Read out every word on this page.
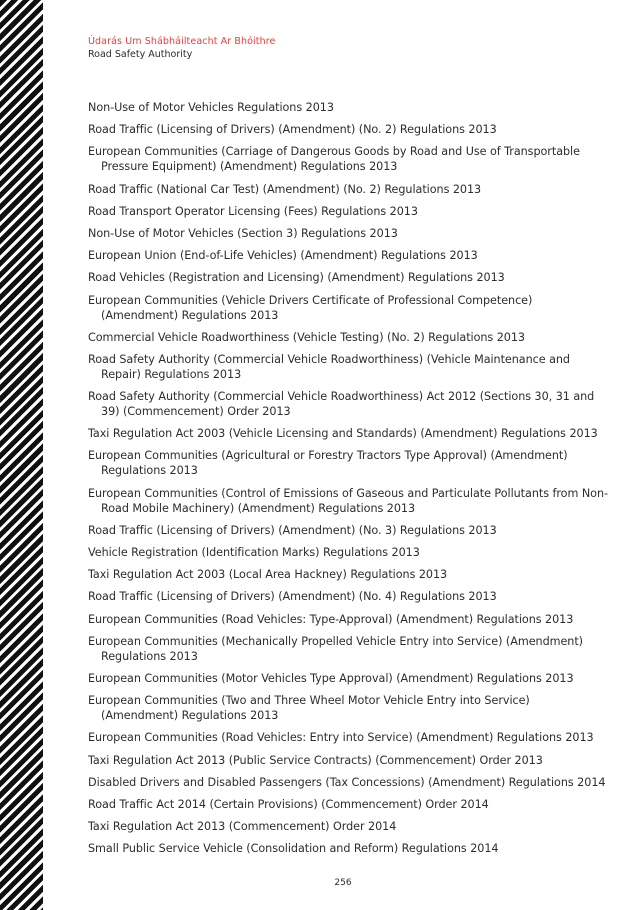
Údarás Um Shábháilteacht Ar Bhóithre
Road Safety Authority
Non-Use of Motor Vehicles Regulations 2013
Road Traffic (Licensing of Drivers) (Amendment) (No. 2) Regulations 2013
European Communities (Carriage of Dangerous Goods by Road and Use of Transportable Pressure Equipment) (Amendment) Regulations 2013
Road Traffic (National Car Test) (Amendment) (No. 2) Regulations 2013
Road Transport Operator Licensing (Fees) Regulations 2013
Non-Use of Motor Vehicles (Section 3) Regulations 2013
European Union (End-of-Life Vehicles) (Amendment) Regulations 2013
Road Vehicles (Registration and Licensing) (Amendment) Regulations 2013
European Communities (Vehicle Drivers Certificate of Professional Competence) (Amendment) Regulations 2013
Commercial Vehicle Roadworthiness (Vehicle Testing) (No. 2) Regulations 2013
Road Safety Authority (Commercial Vehicle Roadworthiness) (Vehicle Maintenance and Repair) Regulations 2013
Road Safety Authority (Commercial Vehicle Roadworthiness) Act 2012 (Sections 30, 31 and 39) (Commencement) Order 2013
Taxi Regulation Act 2003 (Vehicle Licensing and Standards) (Amendment) Regulations 2013
European Communities (Agricultural or Forestry Tractors Type Approval) (Amendment) Regulations 2013
European Communities (Control of Emissions of Gaseous and Particulate Pollutants from Non-Road Mobile Machinery) (Amendment) Regulations 2013
Road Traffic (Licensing of Drivers) (Amendment) (No. 3) Regulations 2013
Vehicle Registration (Identification Marks) Regulations 2013
Taxi Regulation Act 2003 (Local Area Hackney) Regulations 2013
Road Traffic (Licensing of Drivers) (Amendment) (No. 4) Regulations 2013
European Communities (Road Vehicles: Type-Approval) (Amendment) Regulations 2013
European Communities (Mechanically Propelled Vehicle Entry into Service) (Amendment) Regulations 2013
European Communities (Motor Vehicles Type Approval) (Amendment) Regulations 2013
European Communities (Two and Three Wheel Motor Vehicle Entry into Service) (Amendment) Regulations 2013
European Communities (Road Vehicles: Entry into Service) (Amendment) Regulations 2013
Taxi Regulation Act 2013 (Public Service Contracts) (Commencement) Order 2013
Disabled Drivers and Disabled Passengers (Tax Concessions) (Amendment) Regulations 2014
Road Traffic Act 2014 (Certain Provisions) (Commencement) Order 2014
Taxi Regulation Act 2013 (Commencement) Order 2014
Small Public Service Vehicle (Consolidation and Reform) Regulations 2014
256
